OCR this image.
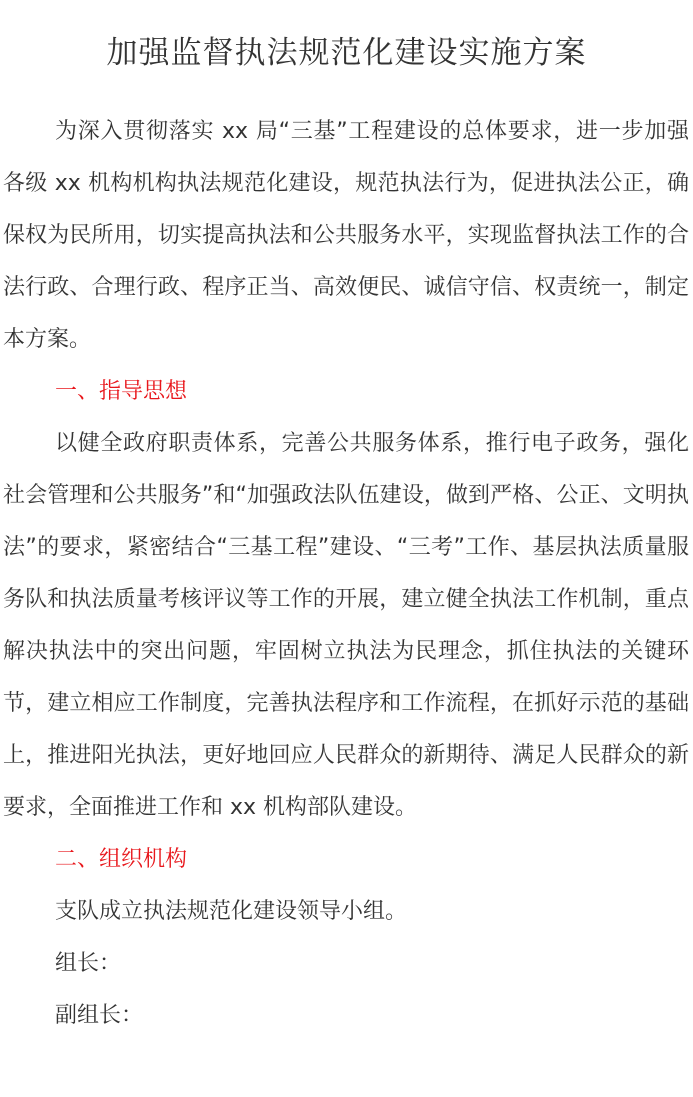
加强监督执法规范化建设实施方案

为深入贯彻落实 xx 局“三基”工程建设的总体要求，进一步加强各级 xx 机构机构执法规范化建设，规范执法行为，促进执法公正，确保权为民所用，切实提高执法和公共服务水平，实现监督执法工作的合法行政、合理行政、程序正当、高效便民、诚信守信、权责统一，制定本方案。

一、指导思想

以健全政府职责体系，完善公共服务体系，推行电子政务，强化社会管理和公共服务”和“加强政法队伍建设，做到严格、公正、文明执法”的要求，紧密结合“三基工程”建设、“三考”工作、基层执法质量服务队和执法质量考核评议等工作的开展，建立健全执法工作机制，重点解决执法中的突出问题，牢固树立执法为民理念，抓住执法的关键环节，建立相应工作制度，完善执法程序和工作流程，在抓好示范的基础上，推进阳光执法，更好地回应人民群众的新期待、满足人民群众的新要求，全面推进工作和 xx 机构部队建设。

二、组织机构

支队成立执法规范化建设领导小组。

组长：

副组长：
